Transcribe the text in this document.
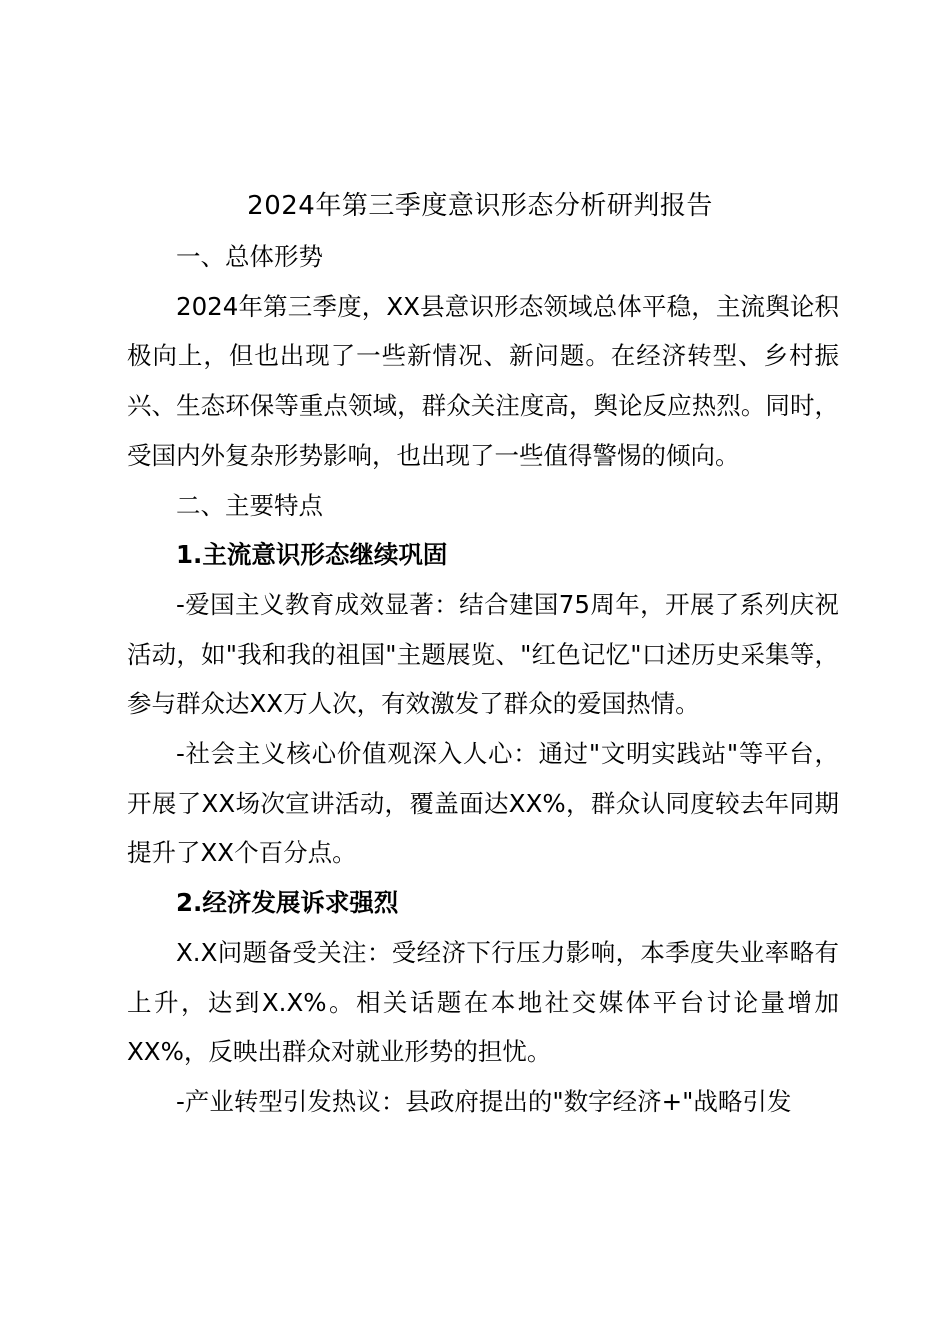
2024年第三季度意识形态分析研判报告

一、总体形势

2024年第三季度，XX县意识形态领域总体平稳，主流舆论积极向上，但也出现了一些新情况、新问题。在经济转型、乡村振兴、生态环保等重点领域，群众关注度高，舆论反应热烈。同时，受国内外复杂形势影响，也出现了一些值得警惕的倾向。

二、主要特点

1.主流意识形态继续巩固

-爱国主义教育成效显著：结合建国75周年，开展了系列庆祝活动，如"我和我的祖国"主题展览、"红色记忆"口述历史采集等，参与群众达XX万人次，有效激发了群众的爱国热情。

-社会主义核心价值观深入人心：通过"文明实践站"等平台，开展了XX场次宣讲活动，覆盖面达XX%，群众认同度较去年同期提升了XX个百分点。

2.经济发展诉求强烈

X.X问题备受关注：受经济下行压力影响，本季度失业率略有上升，达到X.X%。相关话题在本地社交媒体平台讨论量增加XX%，反映出群众对就业形势的担忧。

-产业转型引发热议：县政府提出的"数字经济+"战略引发
